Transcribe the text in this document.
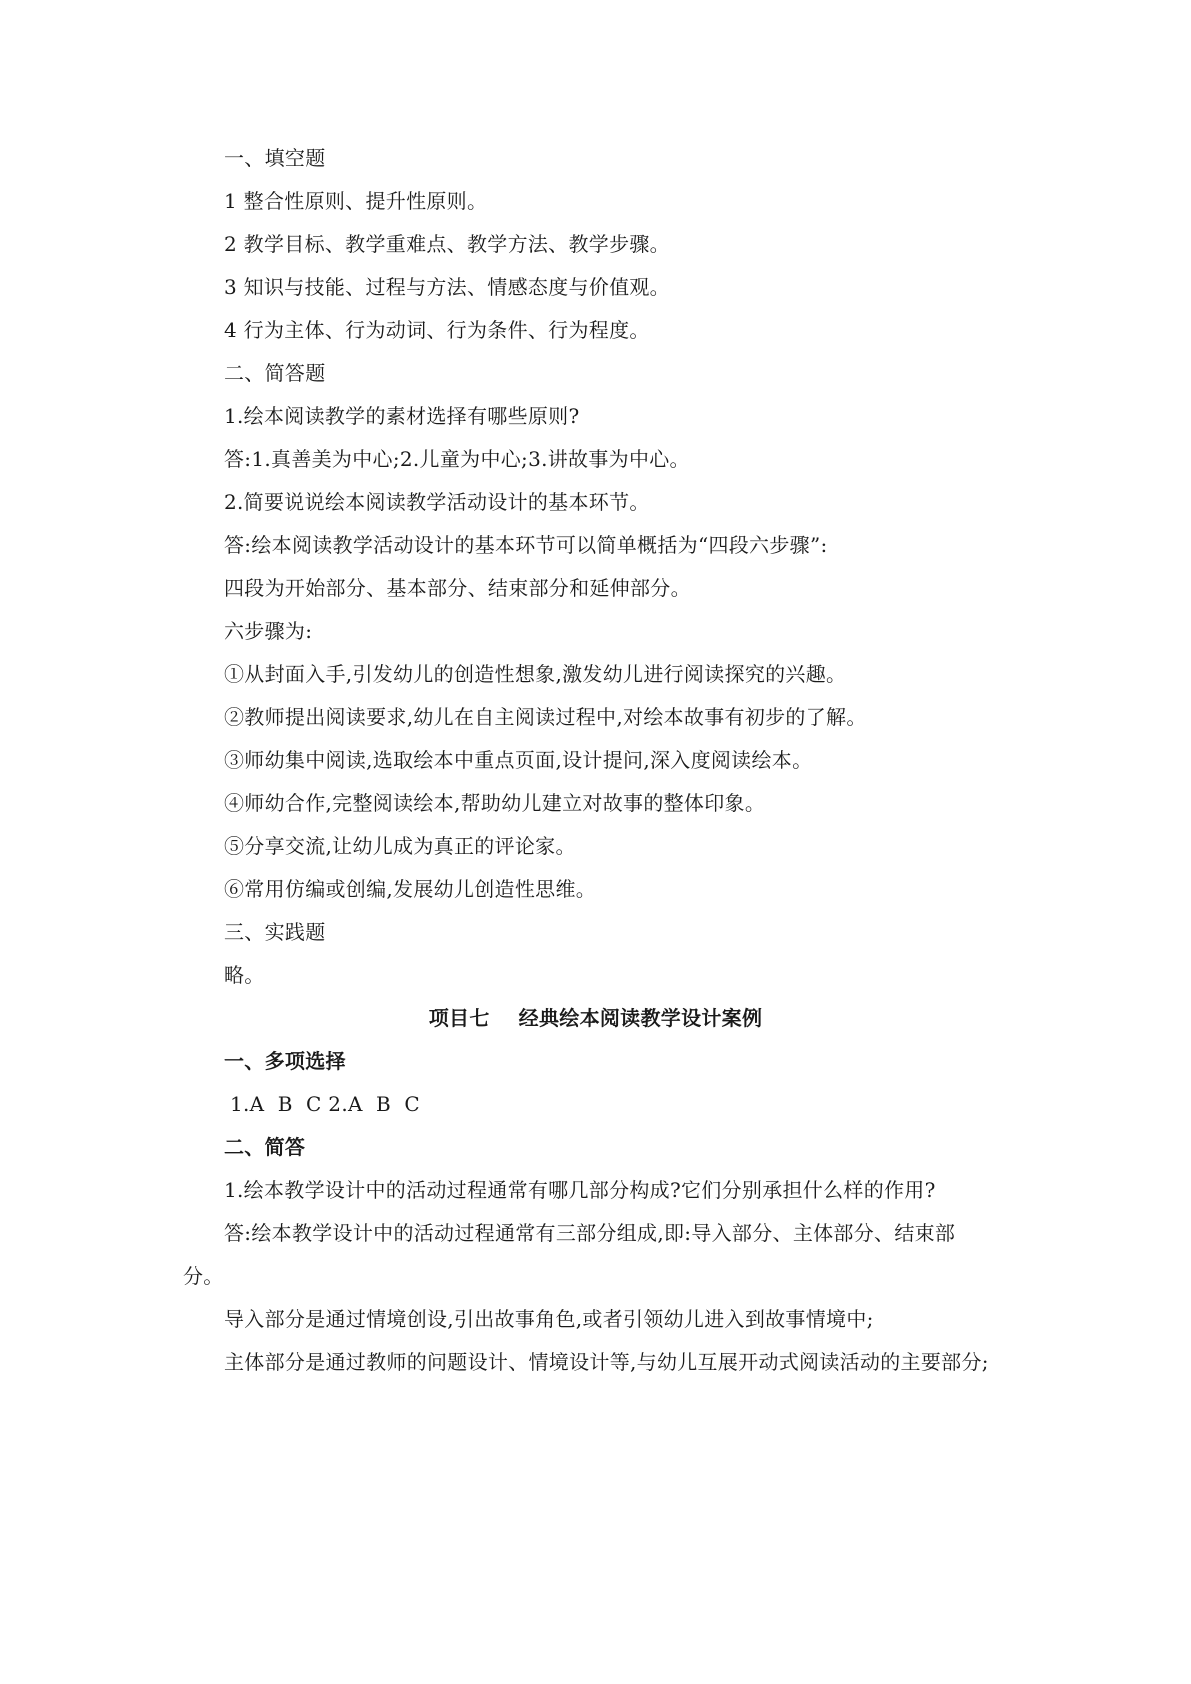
一、填空题
1 整合性原则、提升性原则。
2 教学目标、教学重难点、教学方法、教学步骤。
3 知识与技能、过程与方法、情感态度与价值观。
4 行为主体、行为动词、行为条件、行为程度。
二、简答题
1.绘本阅读教学的素材选择有哪些原则?
答:1.真善美为中心;2.儿童为中心;3.讲故事为中心。
2.简要说说绘本阅读教学活动设计的基本环节。
答:绘本阅读教学活动设计的基本环节可以简单概括为“四段六步骤”:
四段为开始部分、基本部分、结束部分和延伸部分。
六步骤为:
①从封面入手,引发幼儿的创造性想象,激发幼儿进行阅读探究的兴趣。
②教师提出阅读要求,幼儿在自主阅读过程中,对绘本故事有初步的了解。
③师幼集中阅读,选取绘本中重点页面,设计提问,深入度阅读绘本。
④师幼合作,完整阅读绘本,帮助幼儿建立对故事的整体印象。
⑤分享交流,让幼儿成为真正的评论家。
⑥常用仿编或创编,发展幼儿创造性思维。
三、实践题
略。
项目七    经典绘本阅读教学设计案例
一、多项选择
1.A  B  C 2.A  B  C
二、简答
1.绘本教学设计中的活动过程通常有哪几部分构成?它们分别承担什么样的作用?
答:绘本教学设计中的活动过程通常有三部分组成,即:导入部分、主体部分、结束部
分。
导入部分是通过情境创设,引出故事角色,或者引领幼儿进入到故事情境中;
主体部分是通过教师的问题设计、情境设计等,与幼儿互展开动式阅读活动的主要部分;
